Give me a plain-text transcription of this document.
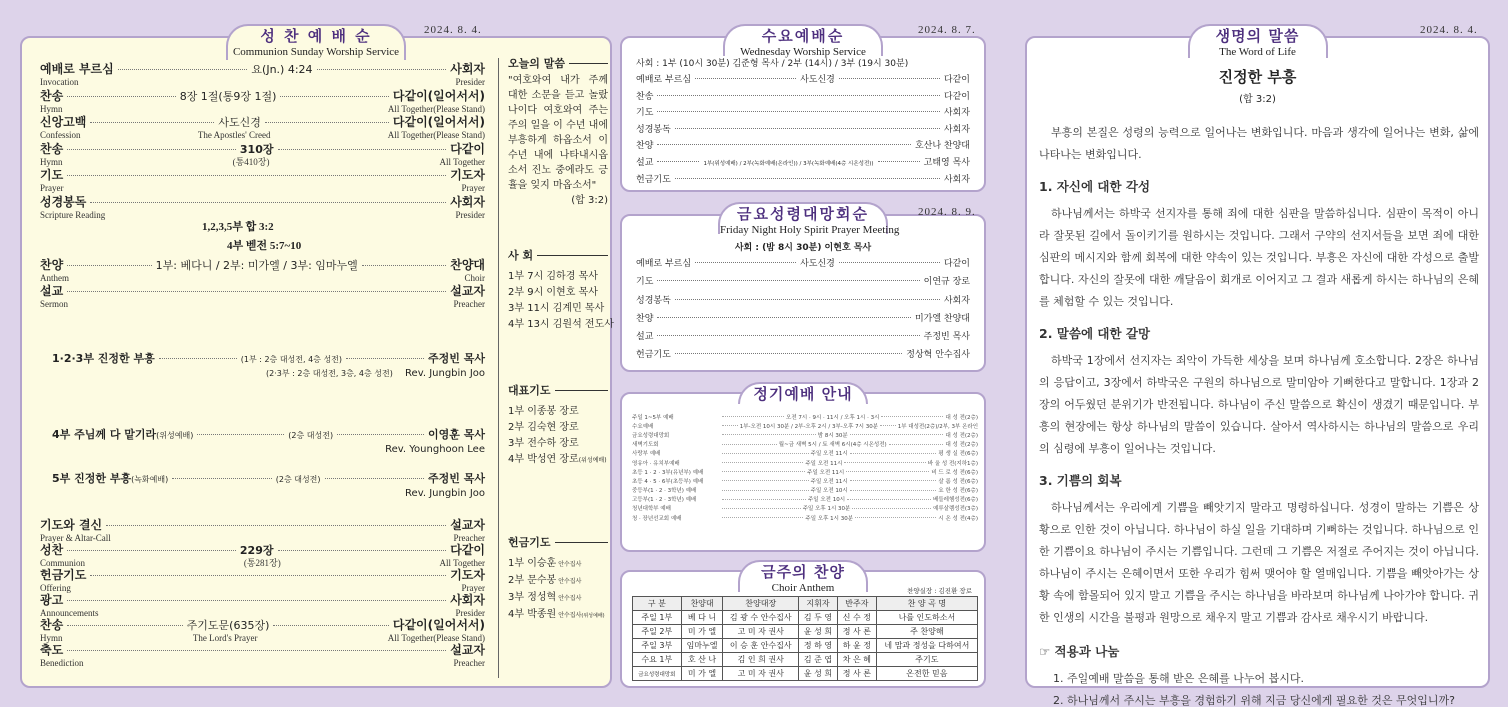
성 찬 예 배 순
Communion Sunday Worship Service
2024. 8. 4.
예배로 부르심	요(Jn.) 4:24	사회자
Invocation	Presider
찬송	8장 1절(통9장 1절)	다같이(일어서서)
Hymn	All Together(Please Stand)
신앙고백	사도신경	다같이(일어서서)
Confession	The Apostles' Creed	All Together(Please Stand)
찬송	310장	다같이
Hymn	(통410장)	All Together
기도	기도자
Prayer	Prayer
성경봉독	사회자
Scripture Reading	Presider
1,2,3,5부 합 3:2
4부 벧전 5:7~10
찬양	1부: 베다니 / 2부: 미가엘 / 3부: 임마누엘	찬양대
Anthem	Choir
설교	설교자
Sermon	Preacher
1·2·3부 진정한 부흥	(1부 : 2층 대성전, 4층 성전)	주정빈 목사
(2·3부 : 2층 대성전, 3층, 4층 성전) Rev. Jungbin Joo
4부 주님께 다 맡기라(위성예배)	(2층 대성전)	이영훈 목사
Rev. Younghoon Lee
5부 진정한 부흥(녹화예배)	(2층 대성전)	주정빈 목사
Rev. Jungbin Joo
기도와 결신	설교자
Prayer & Altar-Call	Preacher
성찬	229장	다같이
Communion	(통281장)	All Together
헌금기도	기도자
Offering	Prayer
광고	사회자
Announcements	Presider
찬송	주기도문(635장)	다같이(일어서서)
Hymn	The Lord's Prayer	All Together(Please Stand)
축도	설교자
Benediction	Preacher
오늘의 말씀
"여호와여 내가 주께 대한 소문을 듣고 놀랐나이다 여호와여 주는 주의 일을 이 수년 내에 부흥하게 하옵소서 이 수년 내에 나타내시옵소서 진노 중에라도 긍휼을 잊지 마옵소서"
(합 3:2)
사 회
1부 7시 김하경 목사
2부 9시 이현호 목사
3부 11시 김계민 목사
4부 13시 김원석 전도사
대표기도
1부 이종봉 장로
2부 김숙현 장로
3부 전수하 장로
4부 박성연 장로(위성예배)
헌금기도
1부 이승훈 안수집사
2부 문수봉 안수집사
3부 정성혁 안수집사
4부 박종원 안수집사(위성예배)
수요예배순
Wednesday Worship Service
2024. 8. 7.
사회 : 1부 (10시 30분) 김준형 목사 / 2부 (14시) / 3부 (19시 30분)
예배로 부르심	사도신경	다같이
찬송	다같이
기도	사회자
성경봉독	사회자
찬양	호산나 찬양대
설교	1부(위성예배) / 2부(녹화예배(온라인)) / 3부(녹화예배(4층 시온성전))	고태영 목사
헌금기도	사회자
금요성령대망회순
Friday Night Holy Spirit Prayer Meeting
2024. 8. 9.
사회 : (밤 8시 30분) 이현호 목사
예배로 부르심	사도신경	다같이
기도	이연규 장로
성경봉독	사회자
찬양	미가엘 찬양대
설교	주정빈 목사
헌금기도	정상혁 안수집사
정기예배 안내
주일 1~5부 예배	오전 7시 · 9시 · 11시 / 오후 1시 · 3시	대 성 전(2층)
수요예배	1부-오전 10시 30분 / 2부-오후 2시 / 3부-오후 7시 30분	1부 대성전(2층)/2부, 3부 온라인
금요성령대망회	밤 8시 30분	대 성 전(2층)
새벽기도회	월~금 새벽 5시 / 토 새벽 6시(4층 시온성전)	대 성 전(2층)
사랑부 예배	주일 오전 11시	평 생 실 전(6층)
영유아 · 유치부예배	주일 오전 11시	바 울 성 전(지하1층)
초등 1 · 2 · 3부(유년부) 예배	주일 오전 11시	비 드 로 성 전(6층)
초등 4 · 5 · 6부(초등부) 예배	주일 오전 11시	살 롬 성 전(6층)
중등부(1 · 2 · 3학년) 예배	주일 오전 10시	요 한 성 전(6층)
고등부(1 · 2 · 3학년) 예배	주일 오전 10시	베들레헴성전(6층)
청년대학부 예배	주일 오후 1시 30분	예루살렘성전(3층)
청 · 장년선교회 예배	주일 오후 1시 30분	시 온 성 전(4층)
금주의 찬양
Choir Anthem	찬양실장 : 김진환 장로
구 분	찬양대	찬양대장	지휘자	반주자	찬 양 곡 명
주일 1부	베 다 니	김 광 수 안수집사	김 두 영	신 수 정	나를 인도하소서
주일 2부	미 가 엘	고 미 자 권사	윤 성 희	정 사 론	주 찬양해
주일 3부	임마누엘	이 승 훈 안수집사	정 하 영	하 윤 정	네 맘과 정성을 다하여서
수요 1부	호 산 나	김 인 희 권사	김 준 엽	차 은 혜	주기도
금요성령대망회	미 가 엘	고 미 자 권사	윤 성 희	정 사 론	온전한 믿음
생명의 말씀
The Word of Life
2024. 8. 4.
진정한 부흥
(합 3:2)

부흥의 본질은 성령의 능력으로 일어나는 변화입니다. 마음과 생각에 일어나는 변화, 삶에 나타나는 변화입니다.

1. 자신에 대한 각성

하나님께서는 하박국 선지자를 통해 죄에 대한 심판을 말씀하십니다. 심판이 목적이 아니라 잘못된 길에서 돌이키기를 원하시는 것입니다. 그래서 구약의 선지서들을 보면 죄에 대한 심판의 메시지와 함께 회복에 대한 약속이 있는 것입니다. 부흥은 자신에 대한 각성으로 출발합니다. 자신의 잘못에 대한 깨달음이 회개로 이어지고 그 결과 새롭게 하시는 하나님의 은혜를 체험할 수 있는 것입니다.

2. 말씀에 대한 갈망

하박국 1장에서 선지자는 죄악이 가득한 세상을 보며 하나님께 호소합니다. 2장은 하나님의 응답이고, 3장에서 하박국은 구원의 하나님으로 말미암아 기뻐한다고 말합니다. 1장과 2장의 어두웠던 분위기가 반전됩니다. 하나님이 주신 말씀으로 확신이 생겼기 때문입니다. 부흥의 현장에는 항상 하나님의 말씀이 있습니다. 살아서 역사하시는 하나님의 말씀으로 우리의 심령에 부흥이 일어나는 것입니다.

3. 기쁨의 회복

하나님께서는 우리에게 기쁨을 빼앗기지 말라고 명령하십니다. 성경이 말하는 기쁨은 상황으로 인한 것이 아닙니다. 하나님이 하실 일을 기대하며 기뻐하는 것입니다. 하나님으로 인한 기쁨이요 하나님이 주시는 기쁨입니다. 그런데 그 기쁨은 저절로 주어지는 것이 아닙니다. 하나님이 주시는 은혜이면서 또한 우리가 힘써 맺어야 할 열매입니다. 기쁨을 빼앗아가는 상황 속에 함몰되어 있지 말고 기쁨을 주시는 하나님을 바라보며 하나님께 나아가야 합니다. 귀한 인생의 시간을 불평과 원망으로 채우지 말고 기쁨과 감사로 채우시기 바랍니다.

☞ 적용과 나눔
1. 주일예배 말씀을 통해 받은 은혜를 나누어 봅시다.
2. 하나님께서 주시는 부흥을 경험하기 위해 지금 당신에게 필요한 것은 무엇입니까?
